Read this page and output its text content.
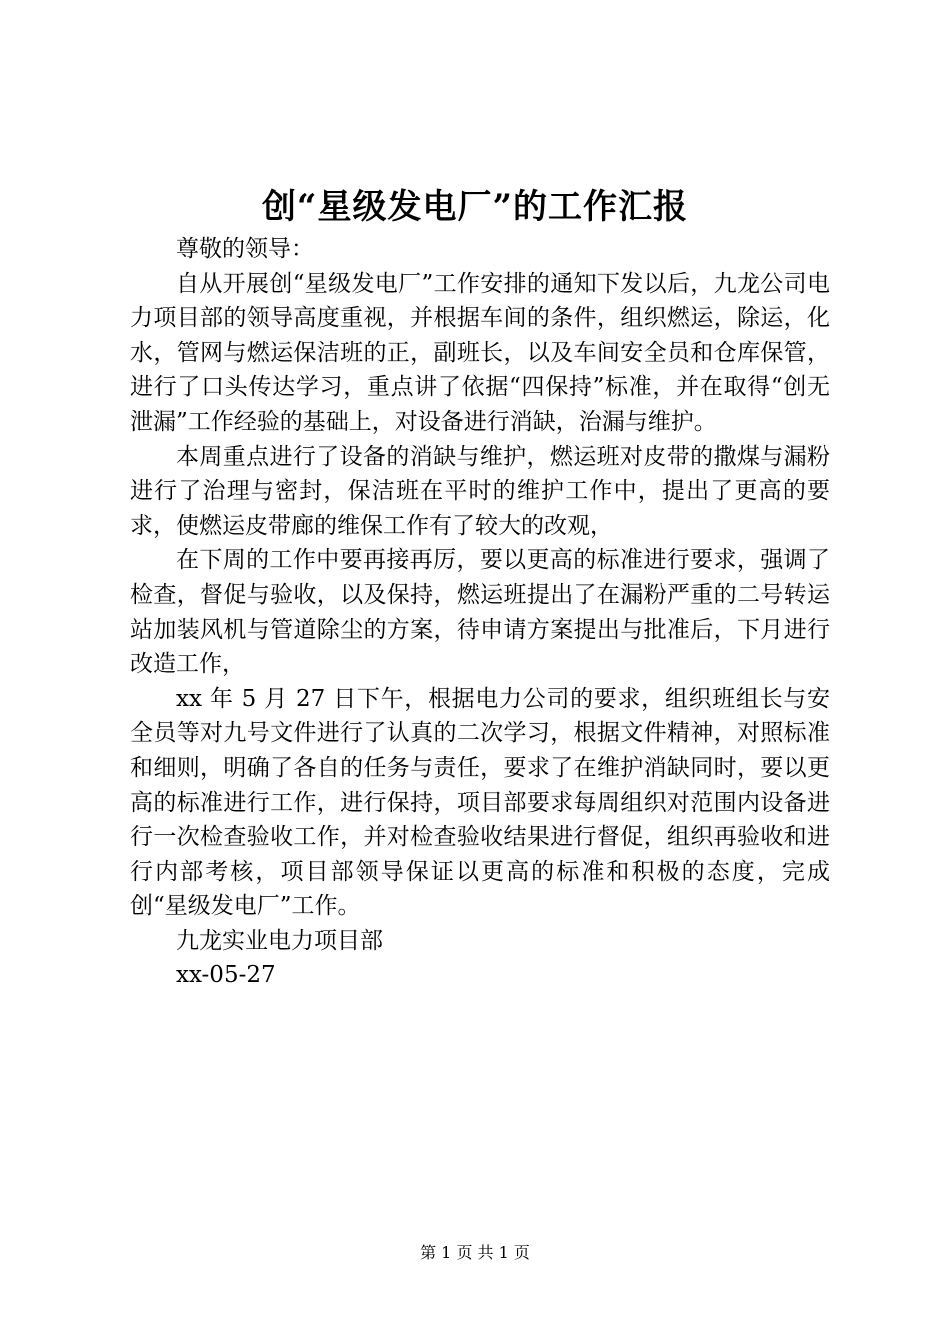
创“星级发电厂”的工作汇报

尊敬的领导：

自从开展创“星级发电厂”工作安排的通知下发以后，九龙公司电力项目部的领导高度重视，并根据车间的条件，组织燃运，除运，化水，管网与燃运保洁班的正，副班长，以及车间安全员和仓库保管，进行了口头传达学习，重点讲了依据“四保持”标准，并在取得“创无泄漏”工作经验的基础上，对设备进行消缺，治漏与维护。

本周重点进行了设备的消缺与维护，燃运班对皮带的撒煤与漏粉进行了治理与密封，保洁班在平时的维护工作中，提出了更高的要求，使燃运皮带廊的维保工作有了较大的改观，

在下周的工作中要再接再厉，要以更高的标准进行要求，强调了检查，督促与验收，以及保持，燃运班提出了在漏粉严重的二号转运站加装风机与管道除尘的方案，待申请方案提出与批准后，下月进行改造工作，

xx 年 5 月 27 日下午，根据电力公司的要求，组织班组长与安全员等对九号文件进行了认真的二次学习，根据文件精神，对照标准和细则，明确了各自的任务与责任，要求了在维护消缺同时，要以更高的标准进行工作，进行保持，项目部要求每周组织对范围内设备进行一次检查验收工作，并对检查验收结果进行督促，组织再验收和进行内部考核，项目部领导保证以更高的标准和积极的态度，完成创“星级发电厂”工作。

九龙实业电力项目部

xx-05-27

第 1 页 共 1 页
